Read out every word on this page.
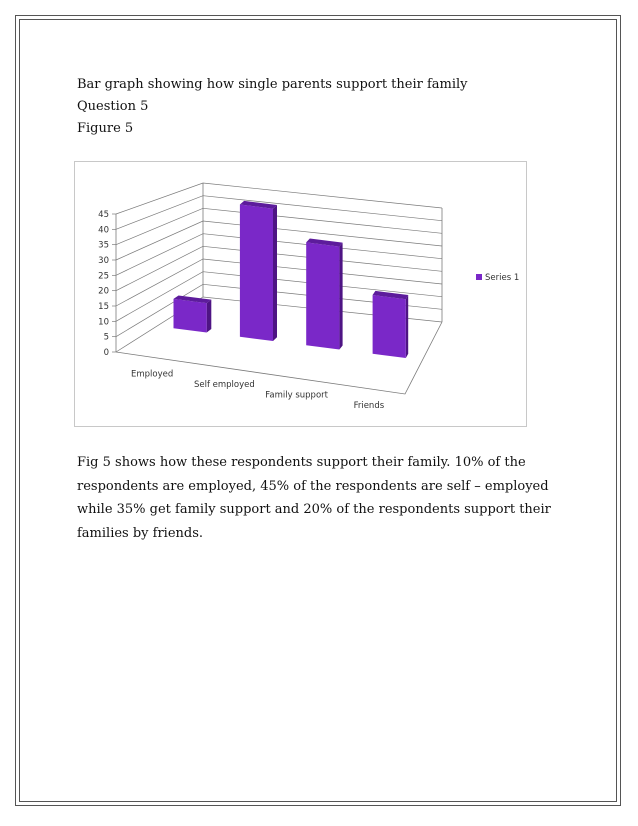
Bar graph showing how single parents support their family
Question 5
Figure 5
0
5
10
15
20
25
30
35
40
45
Employed
Self employed
Family support
Friends
Series 1
Fig 5 shows how these respondents support their family. 10% of the
respondents are employed, 45% of the respondents are self – employed
while 35% get family support and 20% of the respondents support their
families by friends.
